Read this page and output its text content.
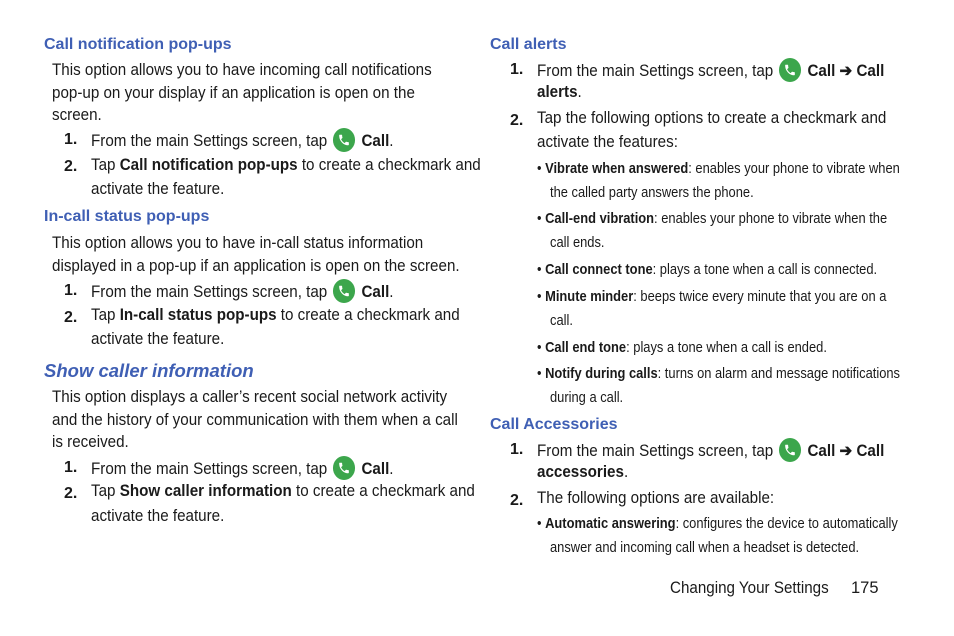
Call notification pop-ups
This option allows you to have incoming call notifications
pop-up on your display if an application is open on the
screen.
1. From the main Settings screen, tap Call.
2. Tap Call notification pop-ups to create a checkmark and
activate the feature.
In-call status pop-ups
This option allows you to have in-call status information
displayed in a pop-up if an application is open on the screen.
1. From the main Settings screen, tap Call.
2. Tap In-call status pop-ups to create a checkmark and
activate the feature.
Show caller information
This option displays a caller’s recent social network activity
and the history of your communication with them when a call
is received.
1. From the main Settings screen, tap Call.
2. Tap Show caller information to create a checkmark and
activate the feature.
Call alerts
1. From the main Settings screen, tap Call ➔ Call
alerts.
2. Tap the following options to create a checkmark and
activate the features:
• Vibrate when answered: enables your phone to vibrate when
the called party answers the phone.
• Call-end vibration: enables your phone to vibrate when the
call ends.
• Call connect tone: plays a tone when a call is connected.
• Minute minder: beeps twice every minute that you are on a
call.
• Call end tone: plays a tone when a call is ended.
• Notify during calls: turns on alarm and message notifications
during a call.
Call Accessories
1. From the main Settings screen, tap Call ➔ Call
accessories.
2. The following options are available:
• Automatic answering: configures the device to automatically
answer and incoming call when a headset is detected.
Changing Your Settings 175
